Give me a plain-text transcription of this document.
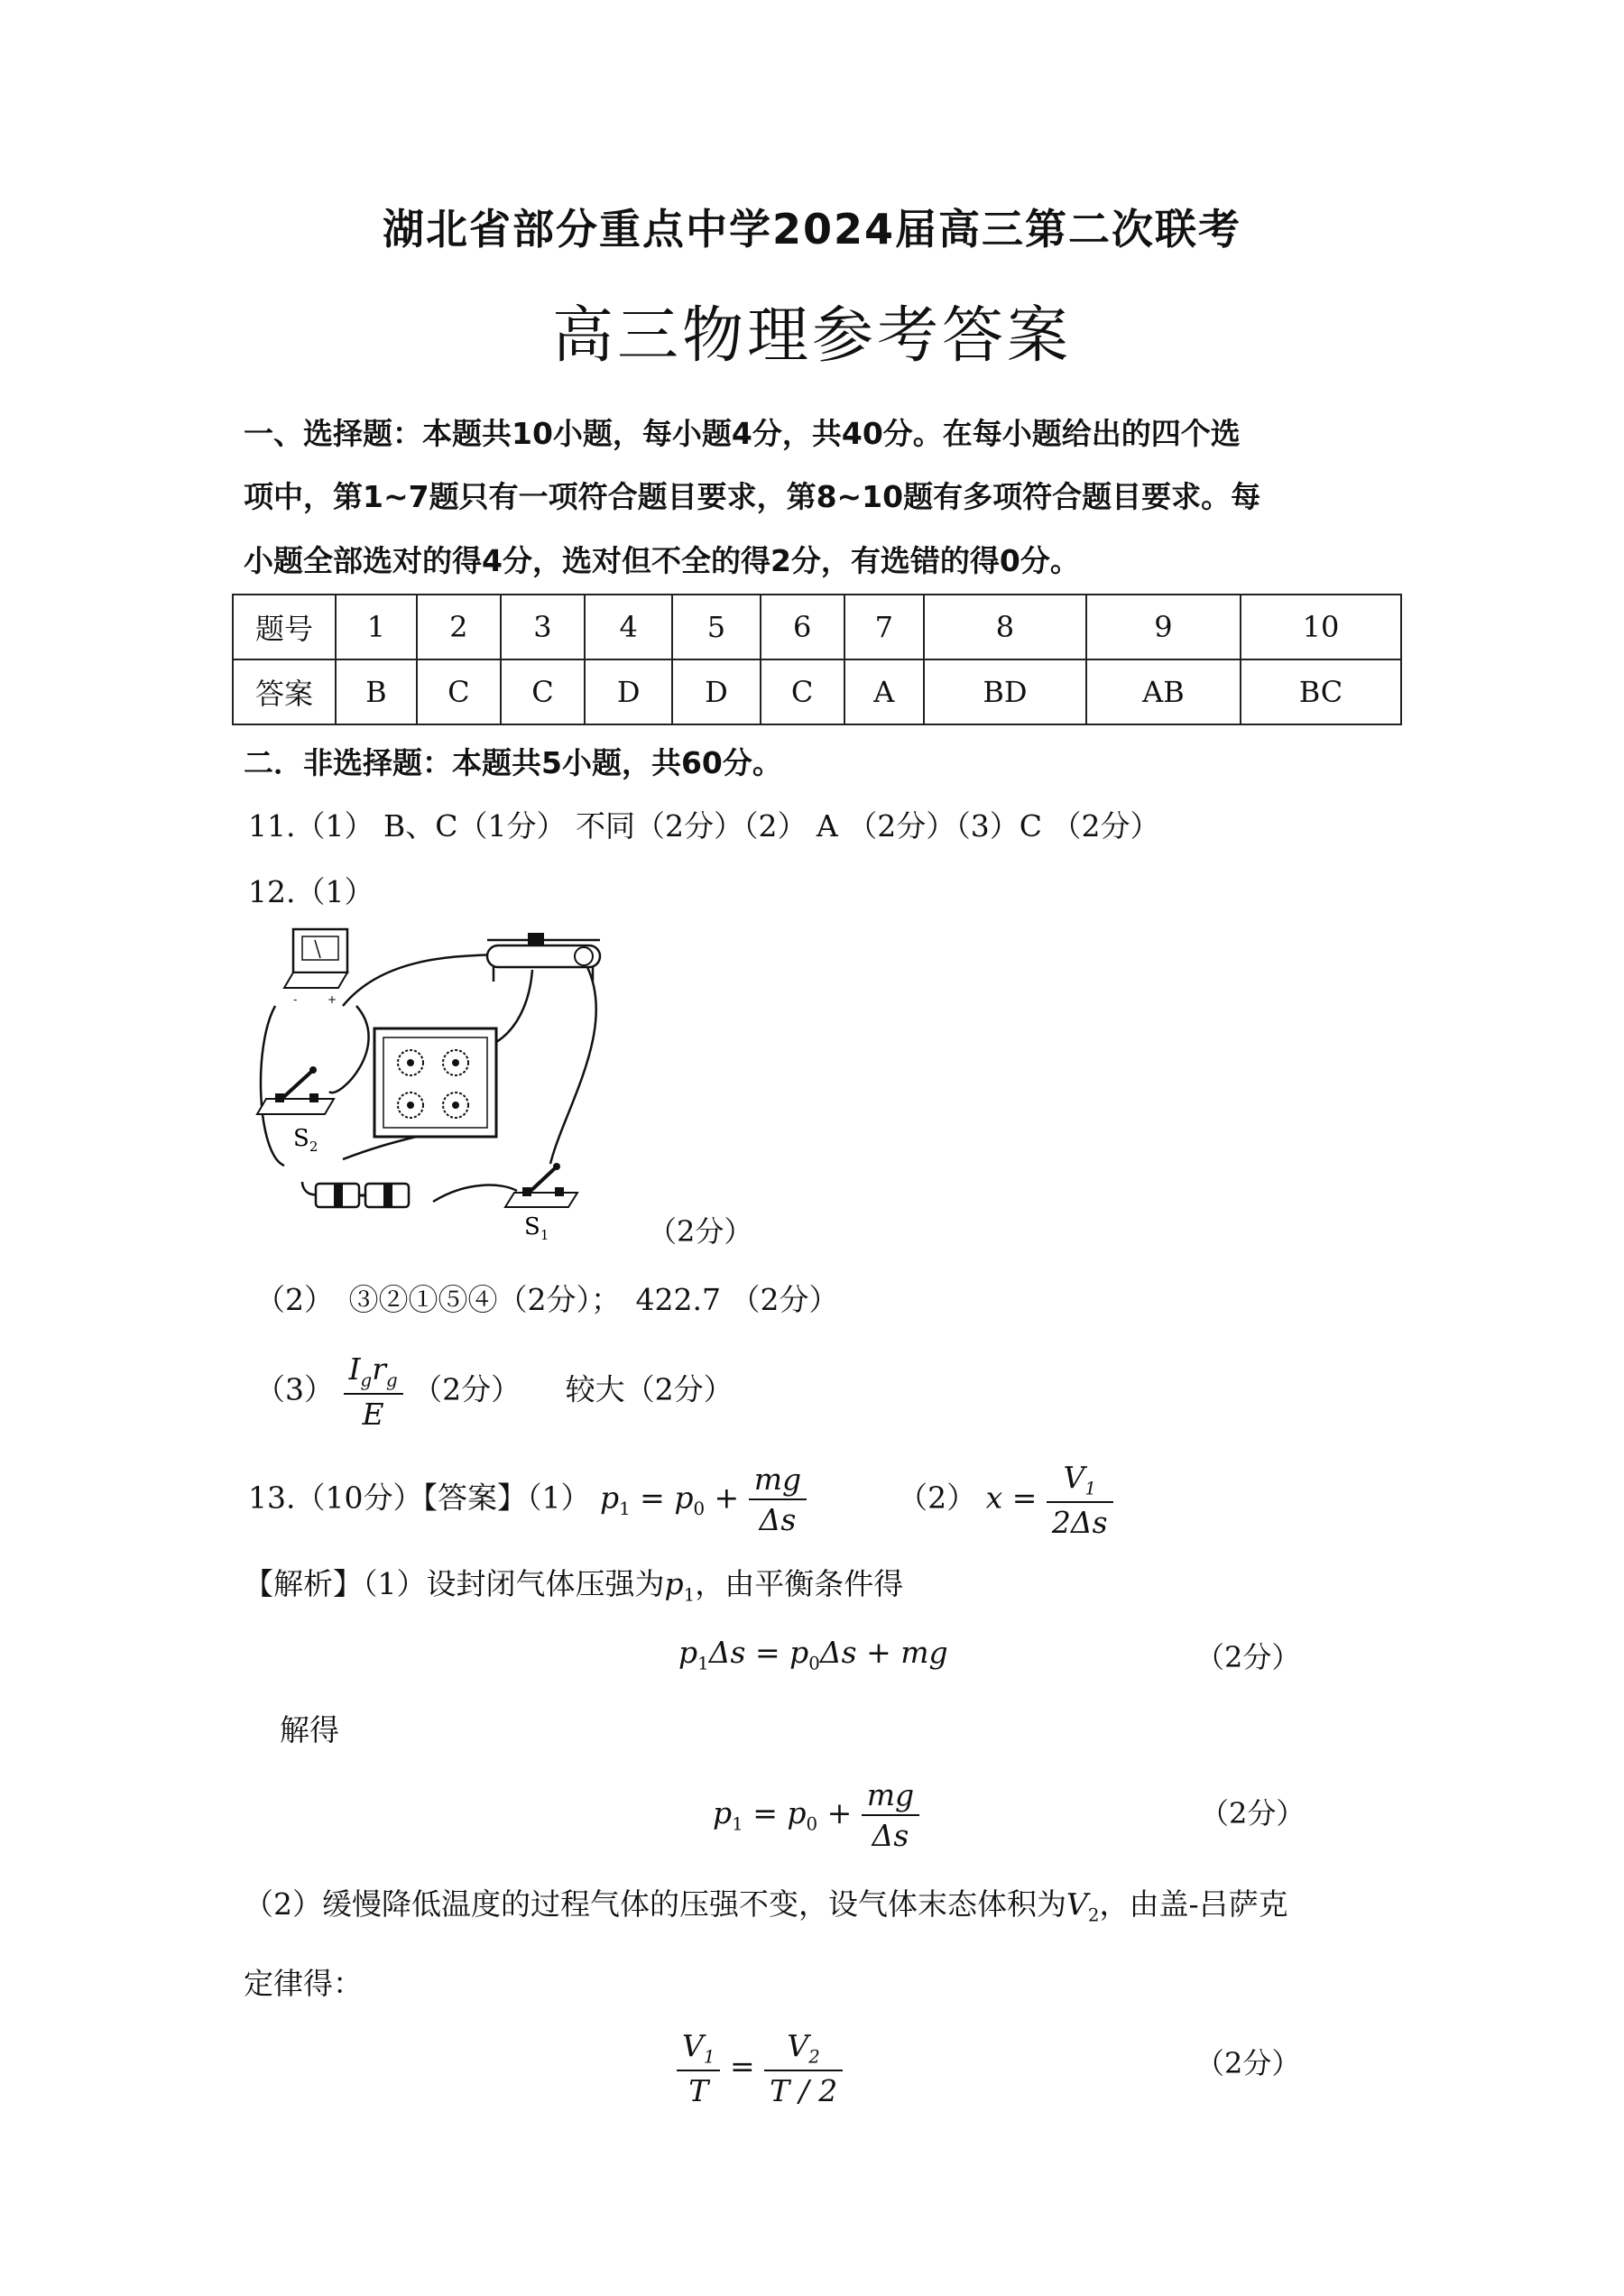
湖北省部分重点中学2024届高三第二次联考
高三物理参考答案
一、选择题：本题共10小题，每小题4分，共40分。在每小题给出的四个选
项中，第1~7题只有一项符合题目要求，第8~10题有多项符合题目要求。每
小题全部选对的得4分，选对但不全的得2分，有选错的得0分。
题号	1	2	3	4	5	6	7	8	9	10
答案	B	C	C	D	D	C	A	BD	AB	BC
二．非选择题：本题共5小题，共60分。
11.（1） B、C（1分） 不同（2分）（2） A （2分）（3）C （2分）
12.（1）
-	+
$S_2$
$S_1$	（2分）
（2）　③②①⑤④（2分）；　422.7 （2分）
$(3) \frac{I_gr_g}{E} (2$分）　　较大（2分）
13.（10分）【答案】（1） $p_1 = p_0 + \frac{mg}{\Delta s}$	（2） $x = \frac{V_1}{2\Delta s}$
【解析】（1）设封闭气体压强为$p_1$，由平衡条件得
$p_1\Delta s = p_0\Delta s$ + mg	（2分）
解得
$p_1 = p_0 + \frac{mg}{\Delta s}$	（2分）
（2）缓慢降低温度的过程气体的压强不变，设气体末态体积为$V_2$，由盖-吕萨克
定律得：
$\frac{V_1}{T} = \frac{V_2}{T / 2}$	（2分）
